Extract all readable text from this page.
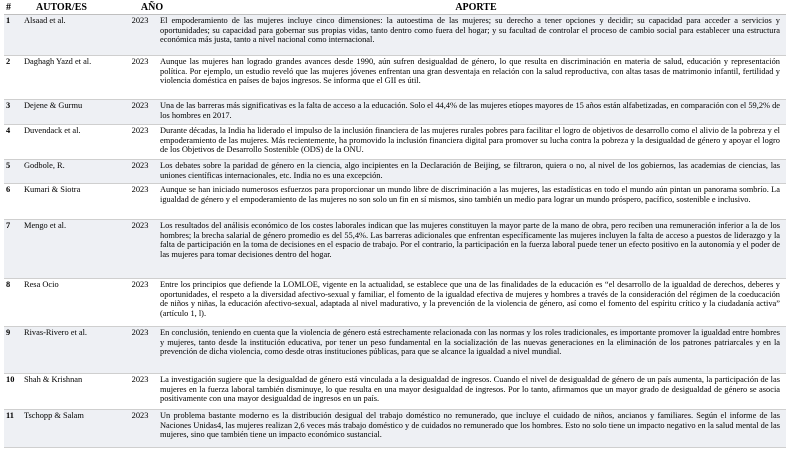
#	AUTOR/ES	AÑO	APORTE
1	Alsaad et al.	2023	El empoderamiento de las mujeres incluye cinco dimensiones: la autoestima de las mujeres; su derecho a tener opciones y decidir; su capacidad para acceder a servicios y oportunidades; su capacidad para gobernar sus propias vidas, tanto dentro como fuera del hogar; y su facultad de controlar el proceso de cambio social para establecer una estructura económica más justa, tanto a nivel nacional como internacional.
2	Daghagh Yazd et al.	2023	Aunque las mujeres han logrado grandes avances desde 1990, aún sufren desigualdad de género, lo que resulta en discriminación en materia de salud, educación y representación política. Por ejemplo, un estudio reveló que las mujeres jóvenes enfrentan una gran desventaja en relación con la salud reproductiva, con altas tasas de matrimonio infantil, fertilidad y violencia doméstica en países de bajos ingresos. Se informa que el GII es útil.
3	Dejene & Gurmu	2023	Una de las barreras más significativas es la falta de acceso a la educación. Solo el 44,4% de las mujeres etíopes mayores de 15 años están alfabetizadas, en comparación con el 59,2% de los hombres en 2017.
4	Duvendack et al.	2023	Durante décadas, la India ha liderado el impulso de la inclusión financiera de las mujeres rurales pobres para facilitar el logro de objetivos de desarrollo como el alivio de la pobreza y el empoderamiento de las mujeres. Más recientemente, ha promovido la inclusión financiera digital para promover su lucha contra la pobreza y la desigualdad de género y apoyar el logro de los Objetivos de Desarrollo Sostenible (ODS) de la ONU.
5	Godbole, R.	2023	Los debates sobre la paridad de género en la ciencia, algo incipientes en la Declaración de Beijing, se filtraron, quiera o no, al nivel de los gobiernos, las academias de ciencias, las uniones científicas internacionales, etc. India no es una excepción.
6	Kumari & Siotra	2023	Aunque se han iniciado numerosos esfuerzos para proporcionar un mundo libre de discriminación a las mujeres, las estadísticas en todo el mundo aún pintan un panorama sombrío. La igualdad de género y el empoderamiento de las mujeres no son solo un fin en sí mismos, sino también un medio para lograr un mundo próspero, pacífico, sostenible e inclusivo.
7	Mengo et al.	2023	Los resultados del análisis económico de los costes laborales indican que las mujeres constituyen la mayor parte de la mano de obra, pero reciben una remuneración inferior a la de los hombres; la brecha salarial de género promedio es del 55,4%. Las barreras adicionales que enfrentan específicamente las mujeres incluyen la falta de acceso a puestos de liderazgo y la falta de participación en la toma de decisiones en el espacio de trabajo. Por el contrario, la participación en la fuerza laboral puede tener un efecto positivo en la autonomía y el poder de las mujeres para tomar decisiones dentro del hogar.
8	Resa Ocio	2023	Entre los principios que defiende la LOMLOE, vigente en la actualidad, se establece que una de las finalidades de la educación es “el desarrollo de la igualdad de derechos, deberes y oportunidades, el respeto a la diversidad afectivo-sexual y familiar, el fomento de la igualdad efectiva de mujeres y hombres a través de la consideración del régimen de la coeducación de niños y niñas, la educación afectivo-sexual, adaptada al nivel madurativo, y la prevención de la violencia de género, así como el fomento del espíritu crítico y la ciudadanía activa” (artículo 1, l).
9	Rivas-Rivero et al.	2023	En conclusión, teniendo en cuenta que la violencia de género está estrechamente relacionada con las normas y los roles tradicionales, es importante promover la igualdad entre hombres y mujeres, tanto desde la institución educativa, por tener un peso fundamental en la socialización de las nuevas generaciones en la eliminación de los patrones patriarcales y en la prevención de dicha violencia, como desde otras instituciones públicas, para que se alcance la igualdad a nivel mundial.
10	Shah & Krishnan	2023	La investigación sugiere que la desigualdad de género está vinculada a la desigualdad de ingresos. Cuando el nivel de desigualdad de género de un país aumenta, la participación de las mujeres en la fuerza laboral también disminuye, lo que resulta en una mayor desigualdad de ingresos. Por lo tanto, afirmamos que un mayor grado de desigualdad de género se asocia positivamente con una mayor desigualdad de ingresos en un país.
11	Tschopp & Salam	2023	Un problema bastante moderno es la distribución desigual del trabajo doméstico no remunerado, que incluye el cuidado de niños, ancianos y familiares. Según el informe de las Naciones Unidas4, las mujeres realizan 2,6 veces más trabajo doméstico y de cuidados no remunerado que los hombres. Esto no solo tiene un impacto negativo en la salud mental de las mujeres, sino que también tiene un impacto económico sustancial.
